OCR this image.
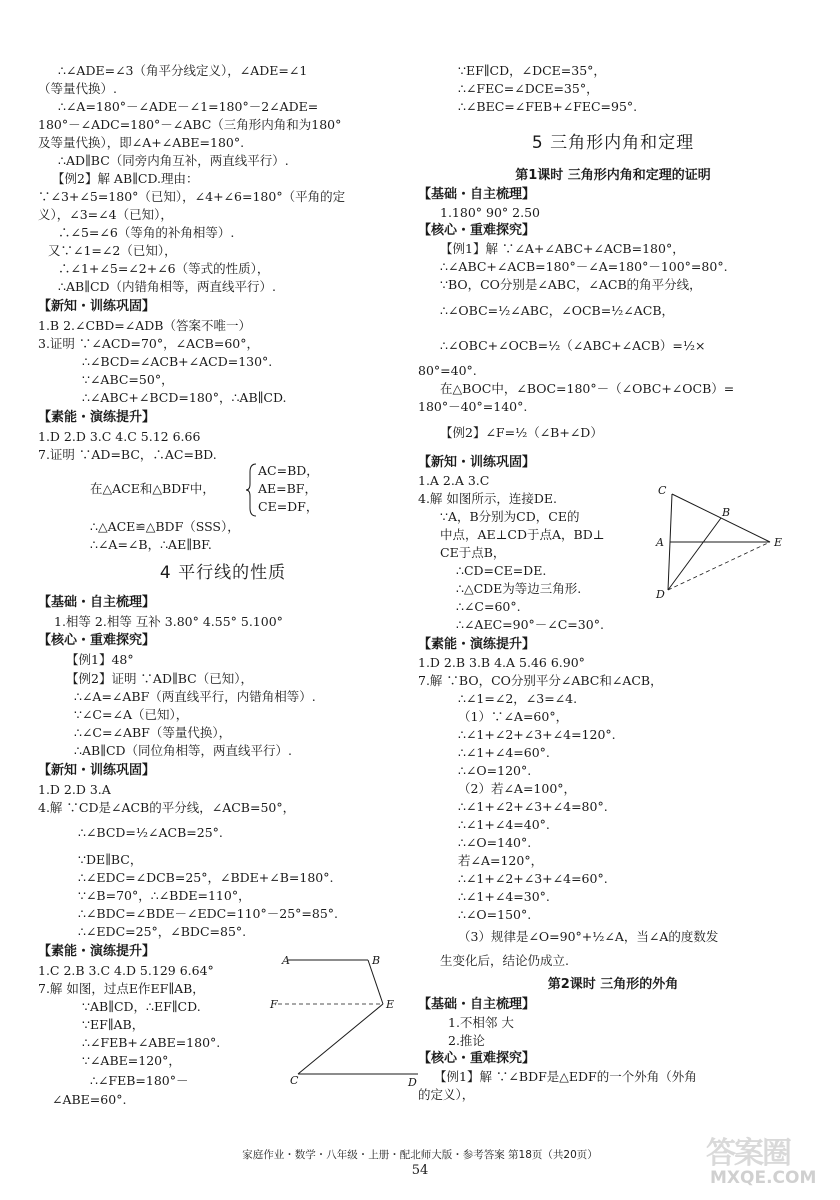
4 平行线的性质
∴∠ADE=∠3（角平分线定义），∠ADE=∠1
（等量代换）.
∴∠A=180°－∠ADE－∠1=180°－2∠ADE=
180°－∠ADC=180°－∠ABC（三角形内角和为180°
及等量代换），即∠A+∠ABE=180°.
∴AD∥BC（同旁内角互补，两直线平行）.
【例2】解 AB∥CD.理由：
∵∠3+∠5=180°（已知），∠4+∠6=180°（平角的定
义），∠3=∠4（已知），
∴∠5=∠6（等角的补角相等）.
又∵∠1=∠2（已知），
∴∠1+∠5=∠2+∠6（等式的性质），
∴AB∥CD（内错角相等，两直线平行）.
【新知・训练巩固】
1.B 2.∠CBD=∠ADB（答案不唯一）
3.证明 ∵∠ACD=70°，∠ACB=60°，
∴∠BCD=∠ACB+∠ACD=130°.
∵∠ABC=50°，
∴∠ABC+∠BCD=180°，∴AB∥CD.
【素能・演练提升】
1.D 2.D 3.C 4.C 5.12 6.66
7.证明 ∵AD=BC，∴AC=BD.
AC=BD，
在△ACE和△BDF中，	AE=BF，
CE=DF，
∴△ACE≌△BDF（SSS），
∴∠A=∠B，∴AE∥BF.
【基础・自主梳理】
1.相等 2.相等 互补 3.80° 4.55° 5.100°
【核心・重难探究】
【例1】48°
【例2】证明 ∵AD∥BC（已知），
∴∠A=∠ABF（两直线平行，内错角相等）.
∵∠C=∠A（已知），
∴∠C=∠ABF（等量代换），
∴AB∥CD（同位角相等，两直线平行）.
【新知・训练巩固】
1.D 2.D 3.A
4.解 ∵CD是∠ACB的平分线，∠ACB=50°，
∴∠BCD=½∠ACB=25°.
∵DE∥BC，
∴∠EDC=∠DCB=25°，∠BDE+∠B=180°.
∵∠B=70°，∴∠BDE=110°，
∴∠BDC=∠BDE－∠EDC=110°－25°=85°.
∴∠EDC=25°，∠BDC=85°.
【素能・演练提升】
1.C 2.B 3.C 4.D 5.129 6.64°
7.解 如图，过点E作EF∥AB，
∵AB∥CD，∴EF∥CD.
∵EF∥AB，
∴∠FEB+∠ABE=180°.
∵∠ABE=120°，
∴∠FEB=180°－
∠ABE=60°.
A	B
F	E
C	D
5 三角形内角和定理
第1课时 三角形内角和定理的证明
第2课时 三角形的外角
∵EF∥CD，∠DCE=35°，
∴∠FEC=∠DCE=35°，
∴∠BEC=∠FEB+∠FEC=95°.
【基础・自主梳理】
1.180° 90° 2.50
【核心・重难探究】
【例1】解 ∵∠A+∠ABC+∠ACB=180°，
∴∠ABC+∠ACB=180°－∠A=180°－100°=80°.
∵BO，CO分别是∠ABC，∠ACB的角平分线，
∴∠OBC=½∠ABC，∠OCB=½∠ACB，
∴∠OBC+∠OCB=½（∠ABC+∠ACB）=½×
80°=40°.
在△BOC中，∠BOC=180°－（∠OBC+∠OCB）=
180°－40°=140°.
【例2】∠F=½（∠B+∠D）
【新知・训练巩固】
1.A 2.A 3.C
4.解 如图所示，连接DE.
∵A，B分别为CD，CE的
中点，AE⊥CD于点A，BD⊥
CE于点B，
∴CD=CE=DE.
∴△CDE为等边三角形.
∴∠C=60°.
∴∠AEC=90°－∠C=30°.
【素能・演练提升】
1.D 2.B 3.B 4.A 5.46 6.90°
7.解 ∵BO，CO分别平分∠ABC和∠ACB，
∴∠1=∠2，∠3=∠4.
（1）∵∠A=60°，
∴∠1+∠2+∠3+∠4=120°.
∴∠1+∠4=60°.
∴∠O=120°.
（2）若∠A=100°，
∴∠1+∠2+∠3+∠4=80°.
∴∠1+∠4=40°.
∴∠O=140°.
若∠A=120°，
∴∠1+∠2+∠3+∠4=60°.
∴∠1+∠4=30°.
∴∠O=150°.
（3）规律是∠O=90°+½∠A，当∠A的度数发
生变化后，结论仍成立.
【基础・自主梳理】
1.不相邻 大
2.推论
【核心・重难探究】
【例1】解 ∵∠BDF是△EDF的一个外角（外角
的定义），
C
B
A	E
D
家庭作业・数学・八年级・上册・配北师大版・参考答案 第18页（共20页）
54	答案圈
MXQE.COM
